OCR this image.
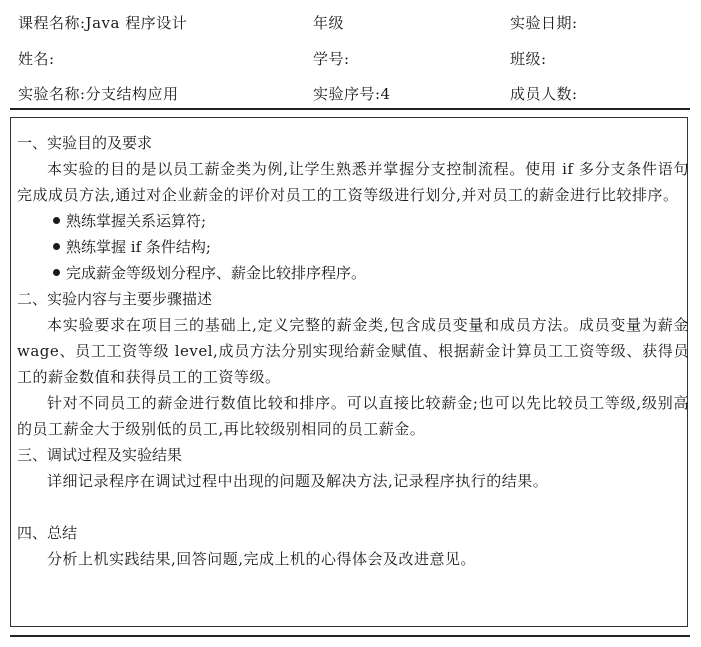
课程名称:Java 程序设计	年级	实验日期:
姓名:	学号:	班级:
实验名称:分支结构应用	实验序号:4	成员人数:

一、实验目的及要求

本实验的目的是以员工薪金类为例,让学生熟悉并掌握分支控制流程。使用 if 多分支条件语句完成成员方法,通过对企业薪金的评价对员工的工资等级进行划分,并对员工的薪金进行比较排序。

熟练掌握关系运算符;

熟练掌握 if 条件结构;

完成薪金等级划分程序、薪金比较排序程序。

二、实验内容与主要步骤描述

本实验要求在项目三的基础上,定义完整的薪金类,包含成员变量和成员方法。成员变量为薪金 wage、员工工资等级 level,成员方法分别实现给薪金赋值、根据薪金计算员工工资等级、获得员工的薪金数值和获得员工的工资等级。

针对不同员工的薪金进行数值比较和排序。可以直接比较薪金;也可以先比较员工等级,级别高的员工薪金大于级别低的员工,再比较级别相同的员工薪金。

三、调试过程及实验结果

详细记录程序在调试过程中出现的问题及解决方法,记录程序执行的结果。

四、总结

分析上机实践结果,回答问题,完成上机的心得体会及改进意见。
